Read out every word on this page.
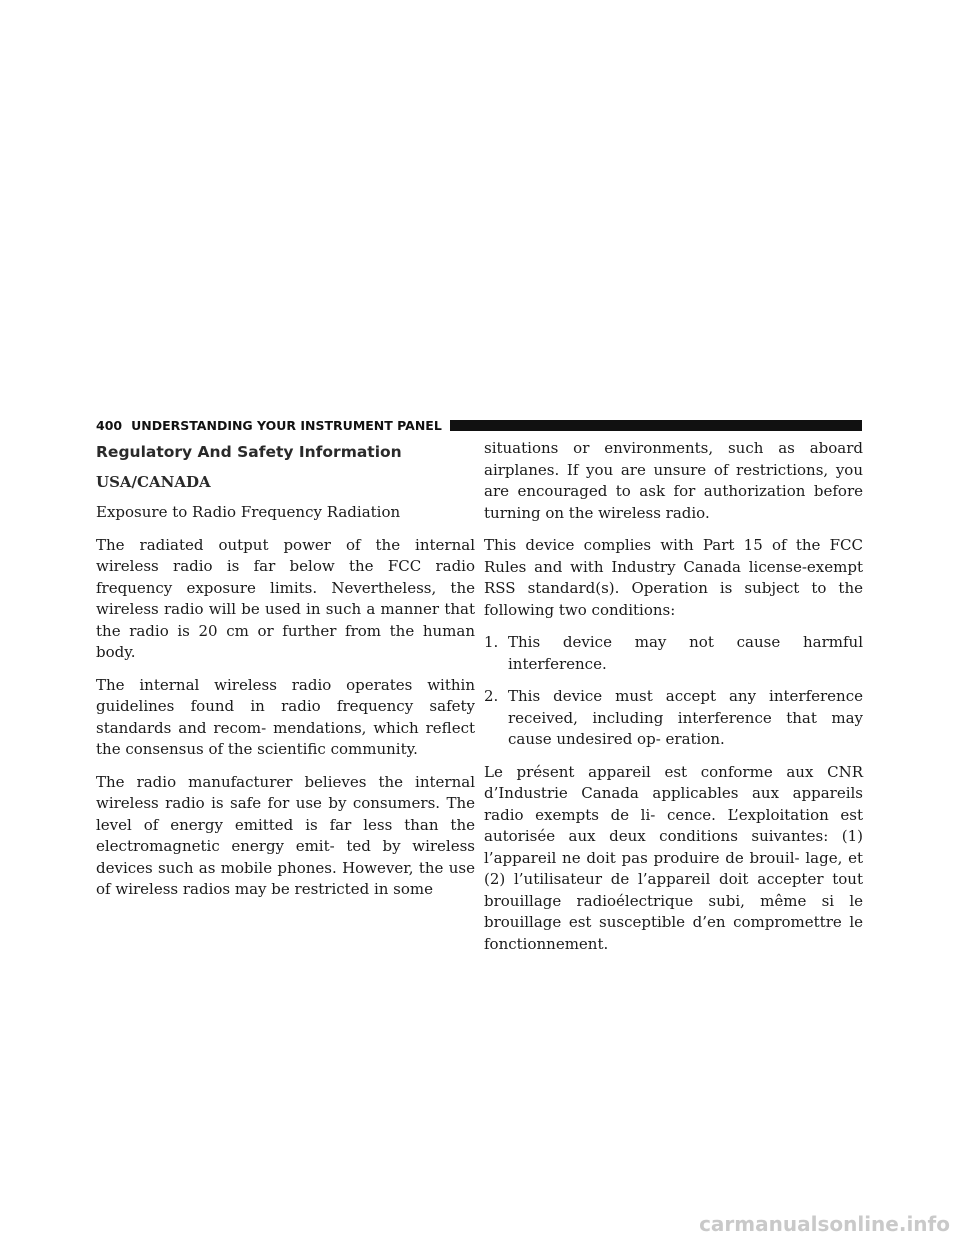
400 UNDERSTANDING YOUR INSTRUMENT PANEL
Regulatory And Safety Information
USA/CANADA

Exposure to Radio Frequency Radiation

The radiated output power of the internal wireless radio is far below the FCC radio frequency exposure limits. Nevertheless, the wireless radio will be used in such a manner that the radio is 20 cm or further from the human body.

The internal wireless radio operates within guidelines found in radio frequency safety standards and recom- mendations, which reflect the consensus of the scientific community.

The radio manufacturer believes the internal wireless radio is safe for use by consumers. The level of energy emitted is far less than the electromagnetic energy emit- ted by wireless devices such as mobile phones. However, the use of wireless radios may be restricted in some

situations or environments, such as aboard airplanes. If you are unsure of restrictions, you are encouraged to ask for authorization before turning on the wireless radio.

This device complies with Part 15 of the FCC Rules and with Industry Canada license-exempt RSS standard(s). Operation is subject to the following two conditions:

1. This device may not cause harmful interference.
2. This device must accept any interference received, including interference that may cause undesired op- eration.

Le présent appareil est conforme aux CNR d’Industrie Canada applicables aux appareils radio exempts de li- cence. L’exploitation est autorisée aux deux conditions suivantes: (1) l’appareil ne doit pas produire de brouil- lage, et (2) l’utilisateur de l’appareil doit accepter tout brouillage radioélectrique subi, même si le brouillage est susceptible d’en compromettre le fonctionnement.

carmanualsonline.info
